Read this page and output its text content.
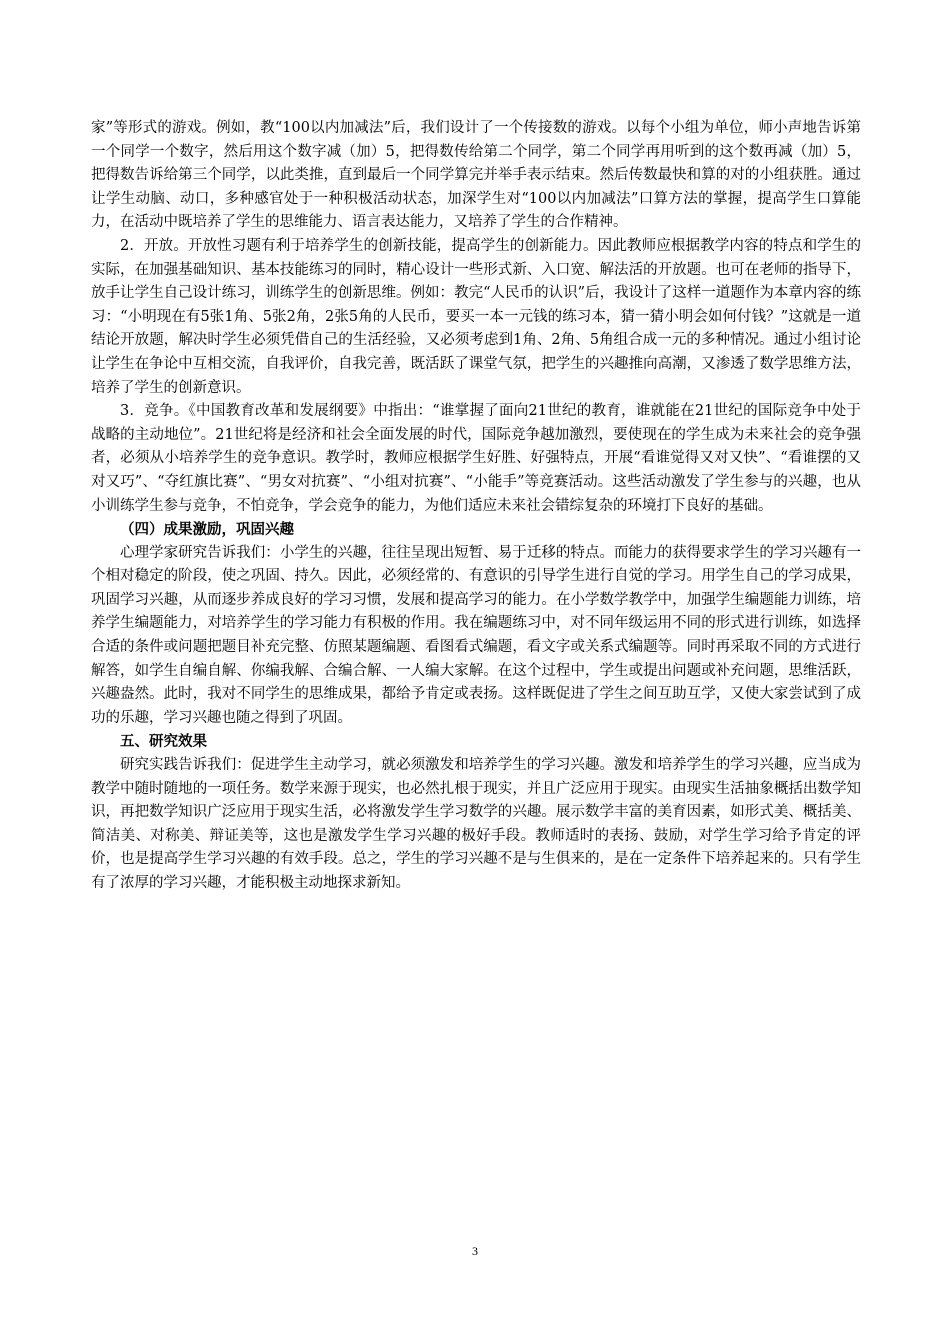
家”等形式的游戏。例如，教“100以内加减法”后，我们设计了一个传接数的游戏。以每个小组为单位，师小声地告诉第一个同学一个数字，然后用这个数字减（加）5，把得数传给第二个同学，第二个同学再用听到的这个数再减（加）5，把得数告诉给第三个同学，以此类推，直到最后一个同学算完并举手表示结束。然后传数最快和算的对的小组获胜。通过让学生动脑、动口，多种感官处于一种积极活动状态，加深学生对“100以内加减法”口算方法的掌握，提高学生口算能力，在活动中既培养了学生的思维能力、语言表达能力，又培养了学生的合作精神。

2．开放。开放性习题有利于培养学生的创新技能，提高学生的创新能力。因此教师应根据教学内容的特点和学生的实际，在加强基础知识、基本技能练习的同时，精心设计一些形式新、入口宽、解法活的开放题。也可在老师的指导下，放手让学生自己设计练习，训练学生的创新思维。例如：教完“人民币的认识”后，我设计了这样一道题作为本章内容的练习：“小明现在有5张1角、5张2角，2张5角的人民币，要买一本一元钱的练习本，猜一猜小明会如何付钱？”这就是一道结论开放题，解决时学生必须凭借自己的生活经验，又必须考虑到1角、2角、5角组合成一元的多种情况。通过小组讨论让学生在争论中互相交流，自我评价，自我完善，既活跃了课堂气氛，把学生的兴趣推向高潮，又渗透了数学思维方法，培养了学生的创新意识。

3．竞争。《中国教育改革和发展纲要》中指出：“谁掌握了面向21世纪的教育，谁就能在21世纪的国际竞争中处于战略的主动地位”。21世纪将是经济和社会全面发展的时代，国际竞争越加激烈，要使现在的学生成为未来社会的竞争强者，必须从小培养学生的竞争意识。教学时，教师应根据学生好胜、好强特点，开展“看谁觉得又对又快”、“看谁摆的又对又巧”、“夺红旗比赛”、“男女对抗赛”、“小组对抗赛”、“小能手”等竞赛活动。这些活动激发了学生参与的兴趣，也从小训练学生参与竞争，不怕竞争，学会竞争的能力，为他们适应未来社会错综复杂的环境打下良好的基础。

（四）成果激励，巩固兴趣

心理学家研究告诉我们：小学生的兴趣，往往呈现出短暂、易于迁移的特点。而能力的获得要求学生的学习兴趣有一个相对稳定的阶段，使之巩固、持久。因此，必须经常的、有意识的引导学生进行自觉的学习。用学生自己的学习成果，巩固学习兴趣，从而逐步养成良好的学习习惯，发展和提高学习的能力。在小学数学教学中，加强学生编题能力训练，培养学生编题能力，对培养学生的学习能力有积极的作用。我在编题练习中，对不同年级运用不同的形式进行训练，如选择合适的条件或问题把题目补充完整、仿照某题编题、看图看式编题，看文字或关系式编题等。同时再采取不同的方式进行解答，如学生自编自解、你编我解、合编合解、一人编大家解。在这个过程中，学生或提出问题或补充问题，思维活跃，兴趣盎然。此时，我对不同学生的思维成果，都给予肯定或表扬。这样既促进了学生之间互助互学，又使大家尝试到了成功的乐趣，学习兴趣也随之得到了巩固。

五、研究效果

研究实践告诉我们：促进学生主动学习，就必须激发和培养学生的学习兴趣。激发和培养学生的学习兴趣，应当成为教学中随时随地的一项任务。数学来源于现实，也必然扎根于现实，并且广泛应用于现实。由现实生活抽象概括出数学知识，再把数学知识广泛应用于现实生活，必将激发学生学习数学的兴趣。展示数学丰富的美育因素，如形式美、概括美、简洁美、对称美、辩证美等，这也是激发学生学习兴趣的极好手段。教师适时的表扬、鼓励，对学生学习给予肯定的评价，也是提高学生学习兴趣的有效手段。总之，学生的学习兴趣不是与生俱来的，是在一定条件下培养起来的。只有学生有了浓厚的学习兴趣，才能积极主动地探求新知。

3
